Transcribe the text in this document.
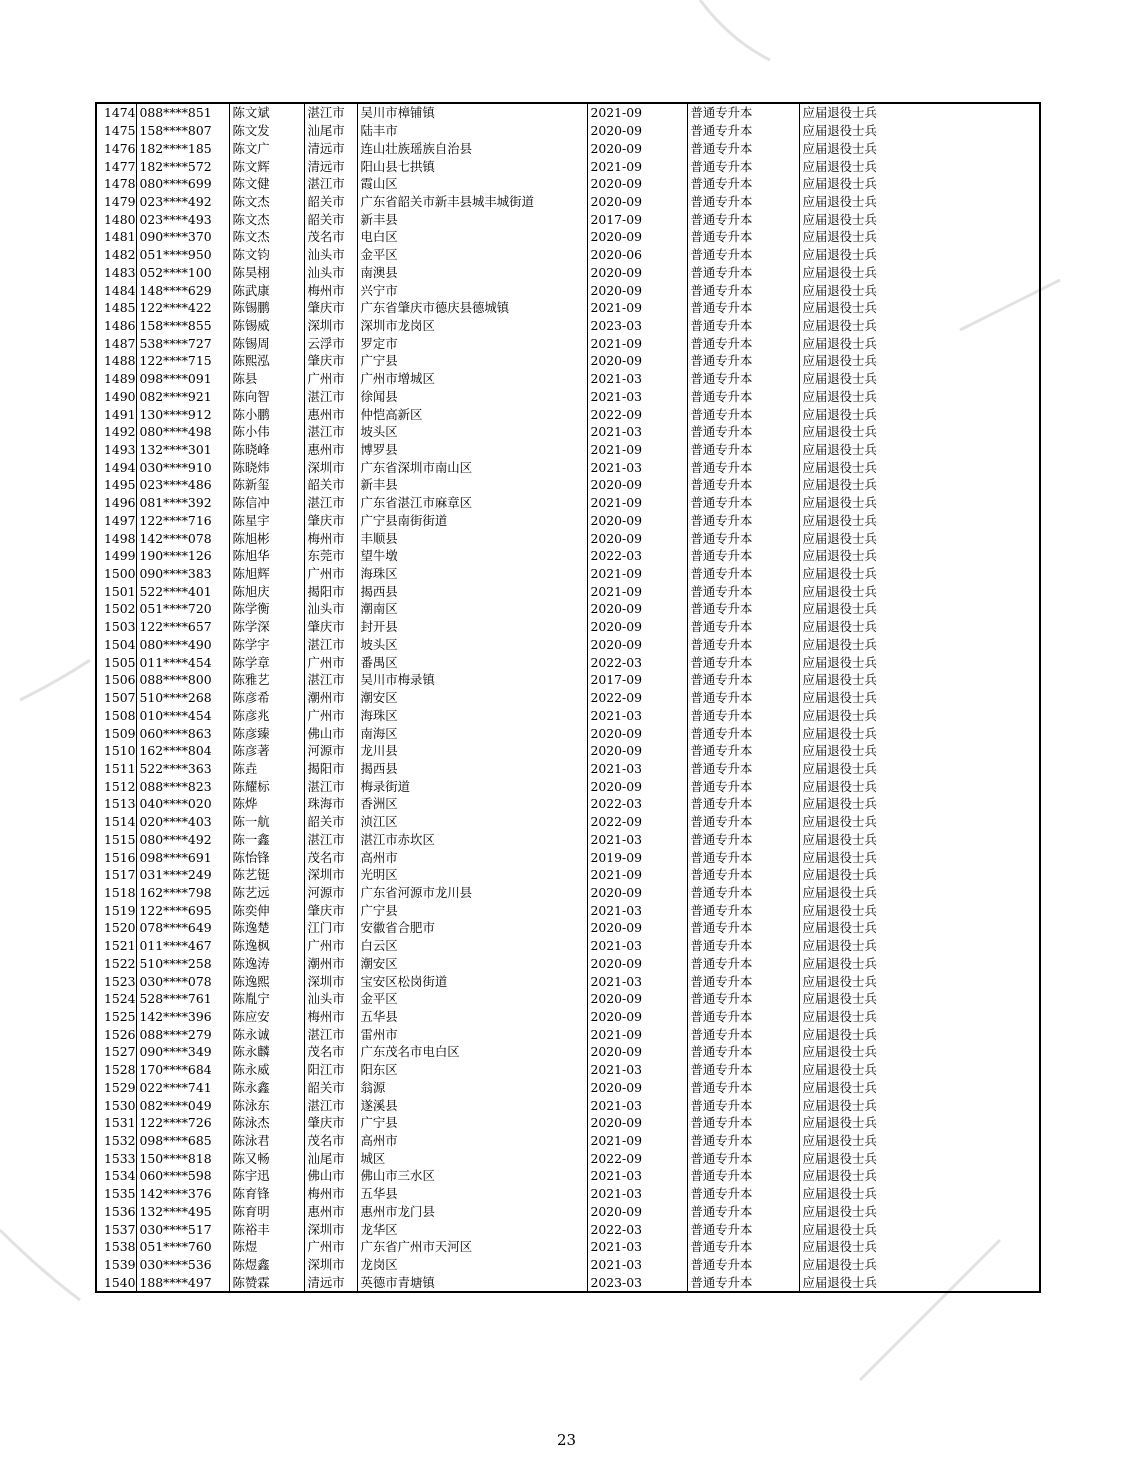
1474	088****851	陈文斌	湛江市	吴川市樟铺镇	2021-09	普通专升本	应届退役士兵
1475	158****807	陈文发	汕尾市	陆丰市	2020-09	普通专升本	应届退役士兵
1476	182****185	陈文广	清远市	连山壮族瑶族自治县	2020-09	普通专升本	应届退役士兵
1477	182****572	陈文辉	清远市	阳山县七拱镇	2021-09	普通专升本	应届退役士兵
1478	080****699	陈文健	湛江市	霞山区	2020-09	普通专升本	应届退役士兵
1479	023****492	陈文杰	韶关市	广东省韶关市新丰县城丰城街道	2020-09	普通专升本	应届退役士兵
1480	023****493	陈文杰	韶关市	新丰县	2017-09	普通专升本	应届退役士兵
1481	090****370	陈文杰	茂名市	电白区	2020-09	普通专升本	应届退役士兵
1482	051****950	陈文钧	汕头市	金平区	2020-06	普通专升本	应届退役士兵
1483	052****100	陈昊栩	汕头市	南澳县	2020-09	普通专升本	应届退役士兵
1484	148****629	陈武康	梅州市	兴宁市	2020-09	普通专升本	应届退役士兵
1485	122****422	陈锡鹏	肇庆市	广东省肇庆市德庆县德城镇	2021-09	普通专升本	应届退役士兵
1486	158****855	陈锡威	深圳市	深圳市龙岗区	2023-03	普通专升本	应届退役士兵
1487	538****727	陈锡周	云浮市	罗定市	2021-09	普通专升本	应届退役士兵
1488	122****715	陈熙泓	肇庆市	广宁县	2020-09	普通专升本	应届退役士兵
1489	098****091	陈县	广州市	广州市增城区	2021-03	普通专升本	应届退役士兵
1490	082****921	陈向智	湛江市	徐闻县	2021-03	普通专升本	应届退役士兵
1491	130****912	陈小鹏	惠州市	仲恺高新区	2022-09	普通专升本	应届退役士兵
1492	080****498	陈小伟	湛江市	坡头区	2021-03	普通专升本	应届退役士兵
1493	132****301	陈晓峰	惠州市	博罗县	2021-09	普通专升本	应届退役士兵
1494	030****910	陈晓炜	深圳市	广东省深圳市南山区	2021-03	普通专升本	应届退役士兵
1495	023****486	陈新玺	韶关市	新丰县	2020-09	普通专升本	应届退役士兵
1496	081****392	陈信冲	湛江市	广东省湛江市麻章区	2021-09	普通专升本	应届退役士兵
1497	122****716	陈星宇	肇庆市	广宁县南街街道	2020-09	普通专升本	应届退役士兵
1498	142****078	陈旭彬	梅州市	丰顺县	2020-09	普通专升本	应届退役士兵
1499	190****126	陈旭华	东莞市	望牛墩	2022-03	普通专升本	应届退役士兵
1500	090****383	陈旭辉	广州市	海珠区	2021-09	普通专升本	应届退役士兵
1501	522****401	陈旭庆	揭阳市	揭西县	2021-09	普通专升本	应届退役士兵
1502	051****720	陈学衡	汕头市	潮南区	2020-09	普通专升本	应届退役士兵
1503	122****657	陈学深	肇庆市	封开县	2020-09	普通专升本	应届退役士兵
1504	080****490	陈学宇	湛江市	坡头区	2020-09	普通专升本	应届退役士兵
1505	011****454	陈学章	广州市	番禺区	2022-03	普通专升本	应届退役士兵
1506	088****800	陈雅艺	湛江市	吴川市梅录镇	2017-09	普通专升本	应届退役士兵
1507	510****268	陈彦希	潮州市	潮安区	2022-09	普通专升本	应届退役士兵
1508	010****454	陈彦兆	广州市	海珠区	2021-03	普通专升本	应届退役士兵
1509	060****863	陈彦臻	佛山市	南海区	2020-09	普通专升本	应届退役士兵
1510	162****804	陈彦著	河源市	龙川县	2020-09	普通专升本	应届退役士兵
1511	522****363	陈垚	揭阳市	揭西县	2021-03	普通专升本	应届退役士兵
1512	088****823	陈耀标	湛江市	梅录街道	2020-09	普通专升本	应届退役士兵
1513	040****020	陈烨	珠海市	香洲区	2022-03	普通专升本	应届退役士兵
1514	020****403	陈一航	韶关市	浈江区	2022-09	普通专升本	应届退役士兵
1515	080****492	陈一鑫	湛江市	湛江市赤坎区	2021-03	普通专升本	应届退役士兵
1516	098****691	陈怡锋	茂名市	高州市	2019-09	普通专升本	应届退役士兵
1517	031****249	陈艺铤	深圳市	光明区	2021-09	普通专升本	应届退役士兵
1518	162****798	陈艺远	河源市	广东省河源市龙川县	2020-09	普通专升本	应届退役士兵
1519	122****695	陈奕伸	肇庆市	广宁县	2021-03	普通专升本	应届退役士兵
1520	078****649	陈逸楚	江门市	安徽省合肥市	2020-09	普通专升本	应届退役士兵
1521	011****467	陈逸枫	广州市	白云区	2021-03	普通专升本	应届退役士兵
1522	510****258	陈逸涛	潮州市	潮安区	2020-09	普通专升本	应届退役士兵
1523	030****078	陈逸熙	深圳市	宝安区松岗街道	2021-03	普通专升本	应届退役士兵
1524	528****761	陈胤宁	汕头市	金平区	2020-09	普通专升本	应届退役士兵
1525	142****396	陈应安	梅州市	五华县	2020-09	普通专升本	应届退役士兵
1526	088****279	陈永诚	湛江市	雷州市	2021-09	普通专升本	应届退役士兵
1527	090****349	陈永麟	茂名市	广东茂名市电白区	2020-09	普通专升本	应届退役士兵
1528	170****684	陈永威	阳江市	阳东区	2021-03	普通专升本	应届退役士兵
1529	022****741	陈永鑫	韶关市	翁源	2020-09	普通专升本	应届退役士兵
1530	082****049	陈泳东	湛江市	遂溪县	2021-03	普通专升本	应届退役士兵
1531	122****726	陈泳杰	肇庆市	广宁县	2020-09	普通专升本	应届退役士兵
1532	098****685	陈泳君	茂名市	高州市	2021-09	普通专升本	应届退役士兵
1533	150****818	陈又畅	汕尾市	城区	2022-09	普通专升本	应届退役士兵
1534	060****598	陈宇迅	佛山市	佛山市三水区	2021-03	普通专升本	应届退役士兵
1535	142****376	陈育锋	梅州市	五华县	2021-03	普通专升本	应届退役士兵
1536	132****495	陈育明	惠州市	惠州市龙门县	2020-09	普通专升本	应届退役士兵
1537	030****517	陈裕丰	深圳市	龙华区	2022-03	普通专升本	应届退役士兵
1538	051****760	陈煜	广州市	广东省广州市天河区	2021-03	普通专升本	应届退役士兵
1539	030****536	陈煜鑫	深圳市	龙岗区	2021-03	普通专升本	应届退役士兵
1540	188****497	陈赞霖	清远市	英德市青塘镇	2023-03	普通专升本	应届退役士兵
23
